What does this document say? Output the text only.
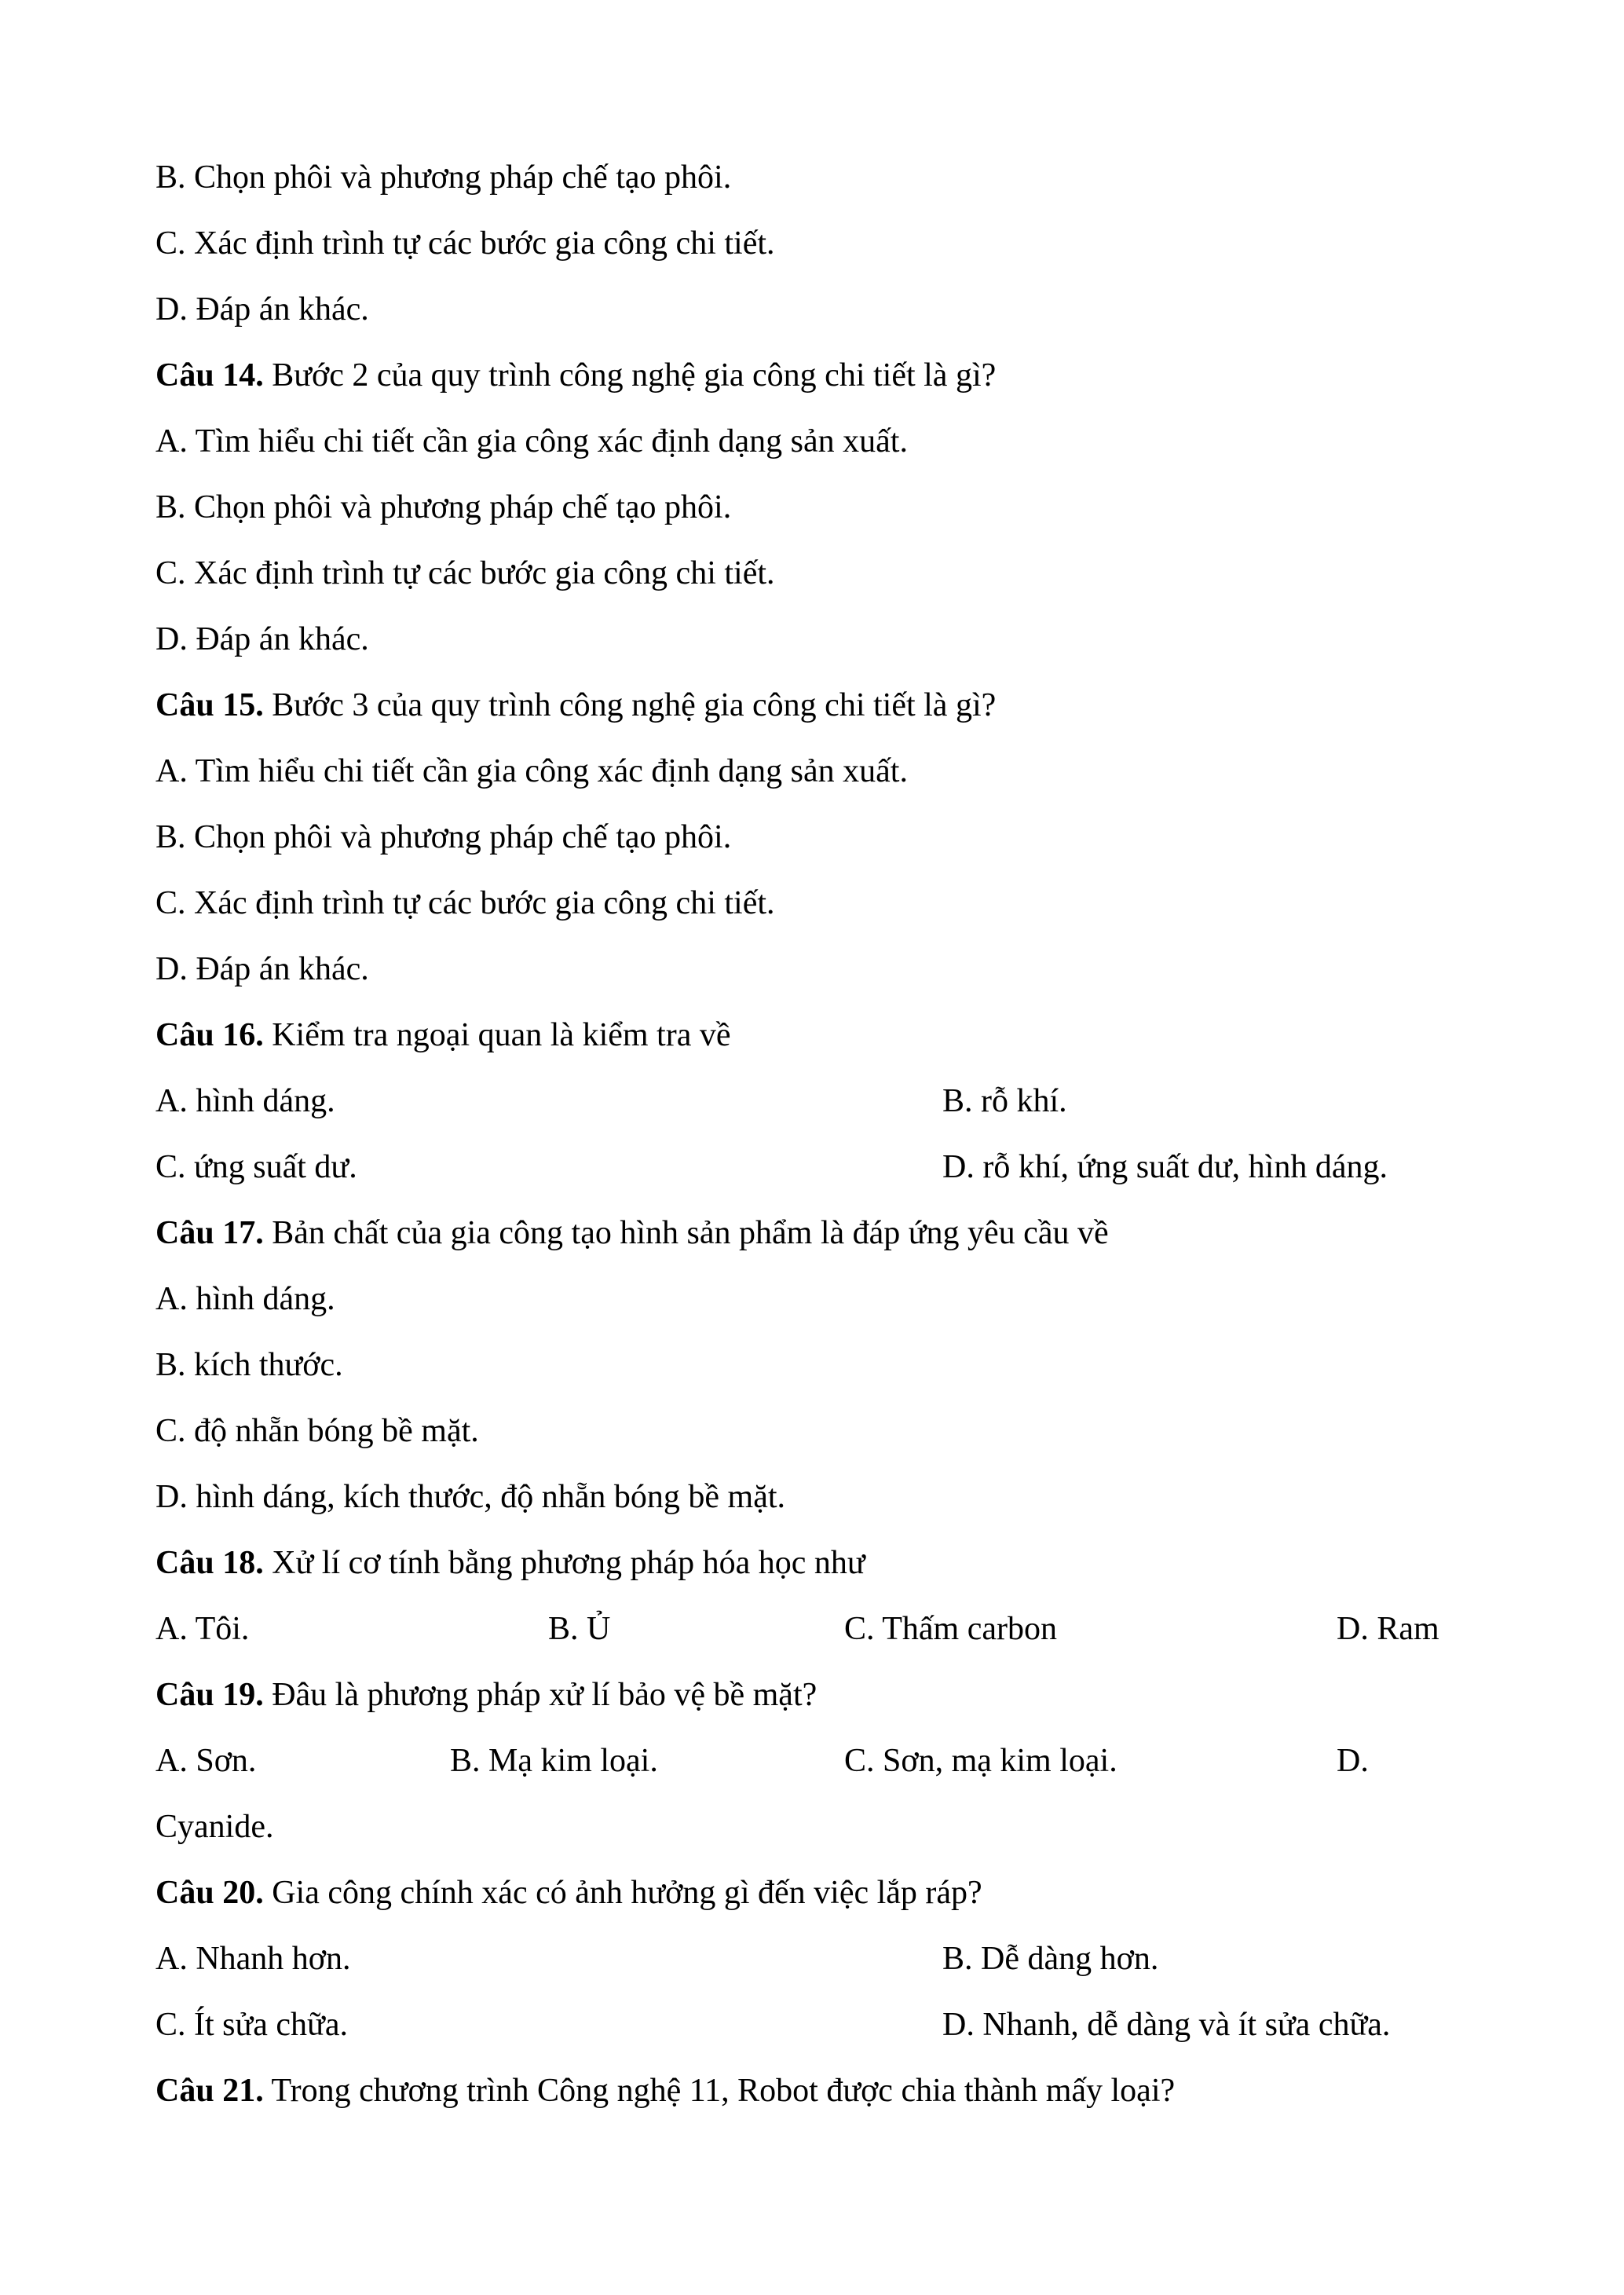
B. Chọn phôi và phương pháp chế tạo phôi.
C. Xác định trình tự các bước gia công chi tiết.
D. Đáp án khác.
Câu 14. Bước 2 của quy trình công nghệ gia công chi tiết là gì?
A. Tìm hiểu chi tiết cần gia công xác định dạng sản xuất.
B. Chọn phôi và phương pháp chế tạo phôi.
C. Xác định trình tự các bước gia công chi tiết.
D. Đáp án khác.
Câu 15. Bước 3 của quy trình công nghệ gia công chi tiết là gì?
A. Tìm hiểu chi tiết cần gia công xác định dạng sản xuất.
B. Chọn phôi và phương pháp chế tạo phôi.
C. Xác định trình tự các bước gia công chi tiết.
D. Đáp án khác.
Câu 16. Kiểm tra ngoại quan là kiểm tra về
A. hình dáng.	B. rỗ khí.
C. ứng suất dư.	D. rỗ khí, ứng suất dư, hình dáng.
Câu 17. Bản chất của gia công tạo hình sản phẩm là đáp ứng yêu cầu về
A. hình dáng.
B. kích thước.
C. độ nhẵn bóng bề mặt.
D. hình dáng, kích thước, độ nhẵn bóng bề mặt.
Câu 18. Xử lí cơ tính bằng phương pháp hóa học như
A. Tôi.	B. Ủ	C. Thấm carbon	D. Ram
Câu 19. Đâu là phương pháp xử lí bảo vệ bề mặt?
A. Sơn.	B. Mạ kim loại.	C. Sơn, mạ kim loại.	D.
Cyanide.
Câu 20. Gia công chính xác có ảnh hưởng gì đến việc lắp ráp?
A. Nhanh hơn.	B. Dễ dàng hơn.
C. Ít sửa chữa.	D. Nhanh, dễ dàng và ít sửa chữa.
Câu 21. Trong chương trình Công nghệ 11, Robot được chia thành mấy loại?
